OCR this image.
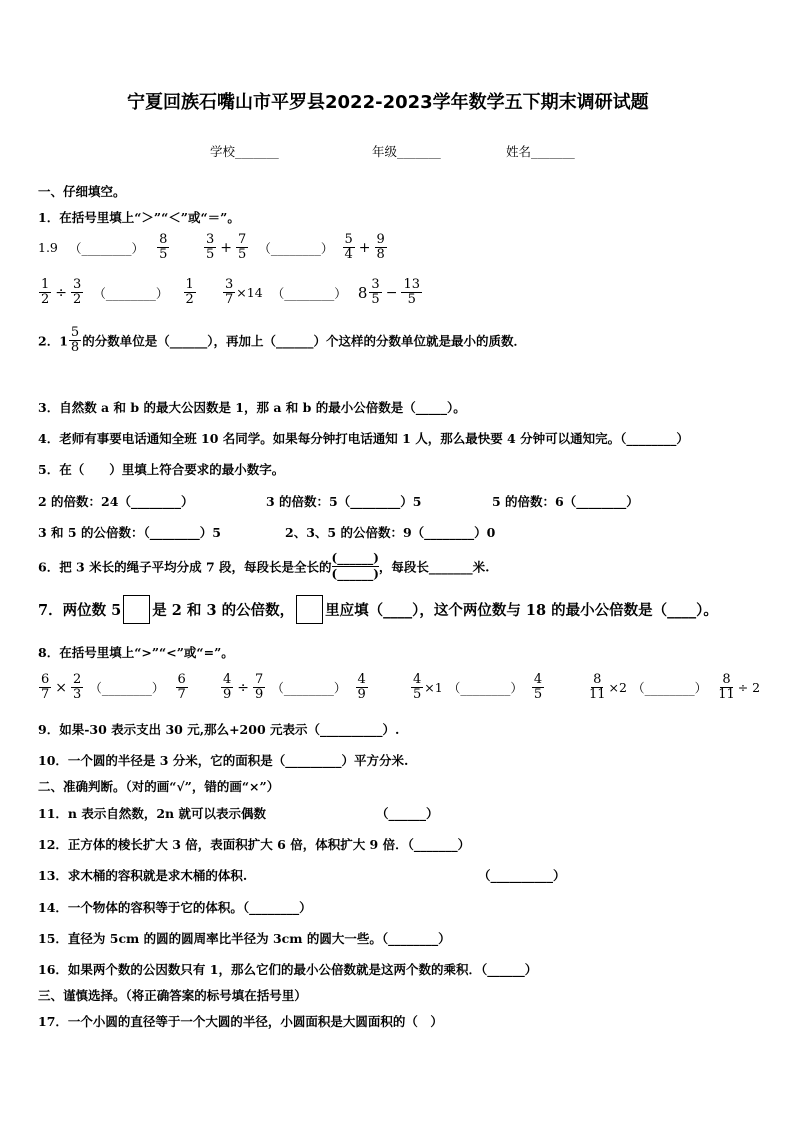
宁夏回族石嘴山市平罗县2022-2023学年数学五下期末调研试题
学校_______	年级_______	姓名_______
一、仔细填空。
1．在括号里填上“＞”“＜”或“＝”。
1.9 （________） $\frac{8}{5}$	$\frac{3}{5} + \frac{7}{5}$ （________） $\frac{5}{4} + \frac{9}{8}$
$\frac{1}{2} \div \frac{3}{2}$ （________） $\frac{1}{2} \frac{3}{7} \times 14$ （________） $8 \frac{3}{5} - \frac{13}{5}$
2．$1 \frac{5}{8}$ 的分数单位是（______），再加上（______）个这样的分数单位就是最小的质数．
3．自然数 a 和 b 的最大公因数是 1，那 a 和 b 的最小公倍数是（_____）。
4．老师有事要电话通知全班 10 名同学。如果每分钟打电话通知 1 人，那么最快要 4 分钟可以通知完。（________）
5．在（　　）里填上符合要求的最小数字。
2 的倍数：24（________）	3 的倍数：5（________）5	5 的倍数：6（________）
3 和 5 的公倍数：（________）5	2、3、5 的公倍数：9（________）0
6．把 3 米长的绳子平均分成 7 段，每段长是全长的 $\frac{(\_\_\_\_\_\_)}{(\_\_\_\_\_\_)}$ ，每段长_______米.
7．两位数 5 是 2 和 3 的公倍数， 里应填（____），这个两位数与 18 的最小公倍数是（____）。
8．在括号里填上“>”“<”或“=”。
$\frac{6}{7} \times \frac{2}{3}$ （________） $\frac{6}{7}$	$\frac{4}{9} \div \frac{7}{9}$ （________） $\frac{4}{9}$	$\frac{4}{5} \times 1$ （________） $\frac{4}{5}$	$\frac{8}{11} \times 2$ （________） $\frac{8}{11} \div 2$
9．如果-30 表示支出 30 元,那么+200 元表示（__________）.
10．一个圆的半径是 3 分米，它的面积是（_________）平方分米.
二、准确判断。（对的画“√”，错的画“×”）
11．n 表示自然数，2n 就可以表示偶数	（______）
12．正方体的棱长扩大 3 倍，表面积扩大 6 倍，体积扩大 9 倍．（_______）
13．求木桶的容积就是求木桶的体积.	（__________）
14．一个物体的容积等于它的体积。（________）
15．直径为 5cm 的圆的圆周率比半径为 3cm 的圆大一些。（________）
16．如果两个数的公因数只有 1，那么它们的最小公倍数就是这两个数的乘积．（______）
三、谨慎选择。（将正确答案的标号填在括号里）
17．一个小圆的直径等于一个大圆的半径，小圆面积是大圆面积的（　）
